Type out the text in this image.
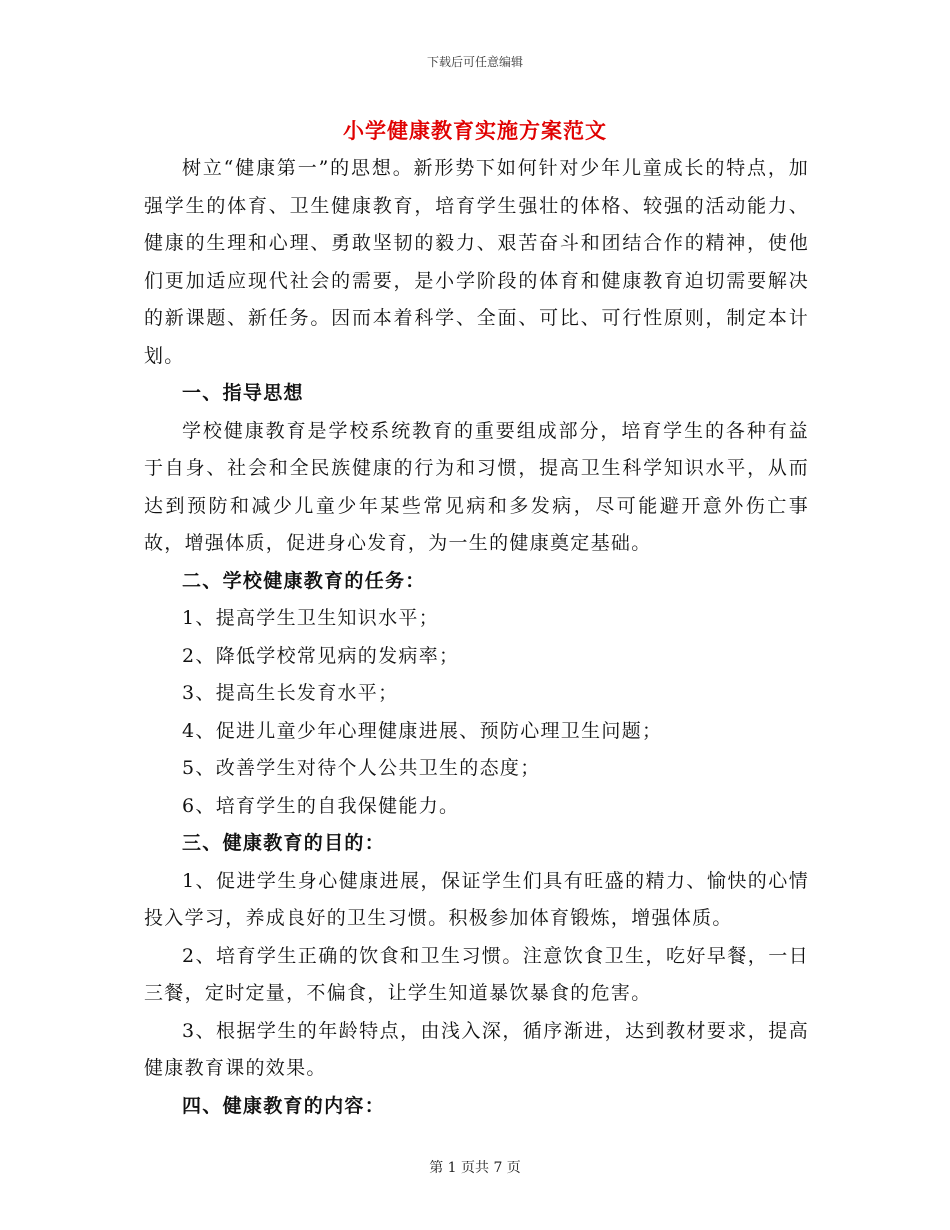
下载后可任意编辑
小学健康教育实施方案范文

树立“健康第一”的思想。新形势下如何针对少年儿童成长的特点，加强学生的体育、卫生健康教育，培育学生强壮的体格、较强的活动能力、健康的生理和心理、勇敢坚韧的毅力、艰苦奋斗和团结合作的精神，使他们更加适应现代社会的需要，是小学阶段的体育和健康教育迫切需要解决的新课题、新任务。因而本着科学、全面、可比、可行性原则，制定本计划。

一、指导思想

学校健康教育是学校系统教育的重要组成部分，培育学生的各种有益于自身、社会和全民族健康的行为和习惯，提高卫生科学知识水平，从而达到预防和减少儿童少年某些常见病和多发病，尽可能避开意外伤亡事故，增强体质，促进身心发育，为一生的健康奠定基础。

二、学校健康教育的任务：

1、提高学生卫生知识水平；

2、降低学校常见病的发病率；

3、提高生长发育水平；

4、促进儿童少年心理健康进展、预防心理卫生问题；

5、改善学生对待个人公共卫生的态度；

6、培育学生的自我保健能力。

三、健康教育的目的：

1、促进学生身心健康进展，保证学生们具有旺盛的精力、愉快的心情投入学习，养成良好的卫生习惯。积极参加体育锻炼，增强体质。

2、培育学生正确的饮食和卫生习惯。注意饮食卫生，吃好早餐，一日三餐，定时定量，不偏食，让学生知道暴饮暴食的危害。

3、根据学生的年龄特点，由浅入深，循序渐进，达到教材要求，提高健康教育课的效果。

四、健康教育的内容：

第 1 页共 7 页
